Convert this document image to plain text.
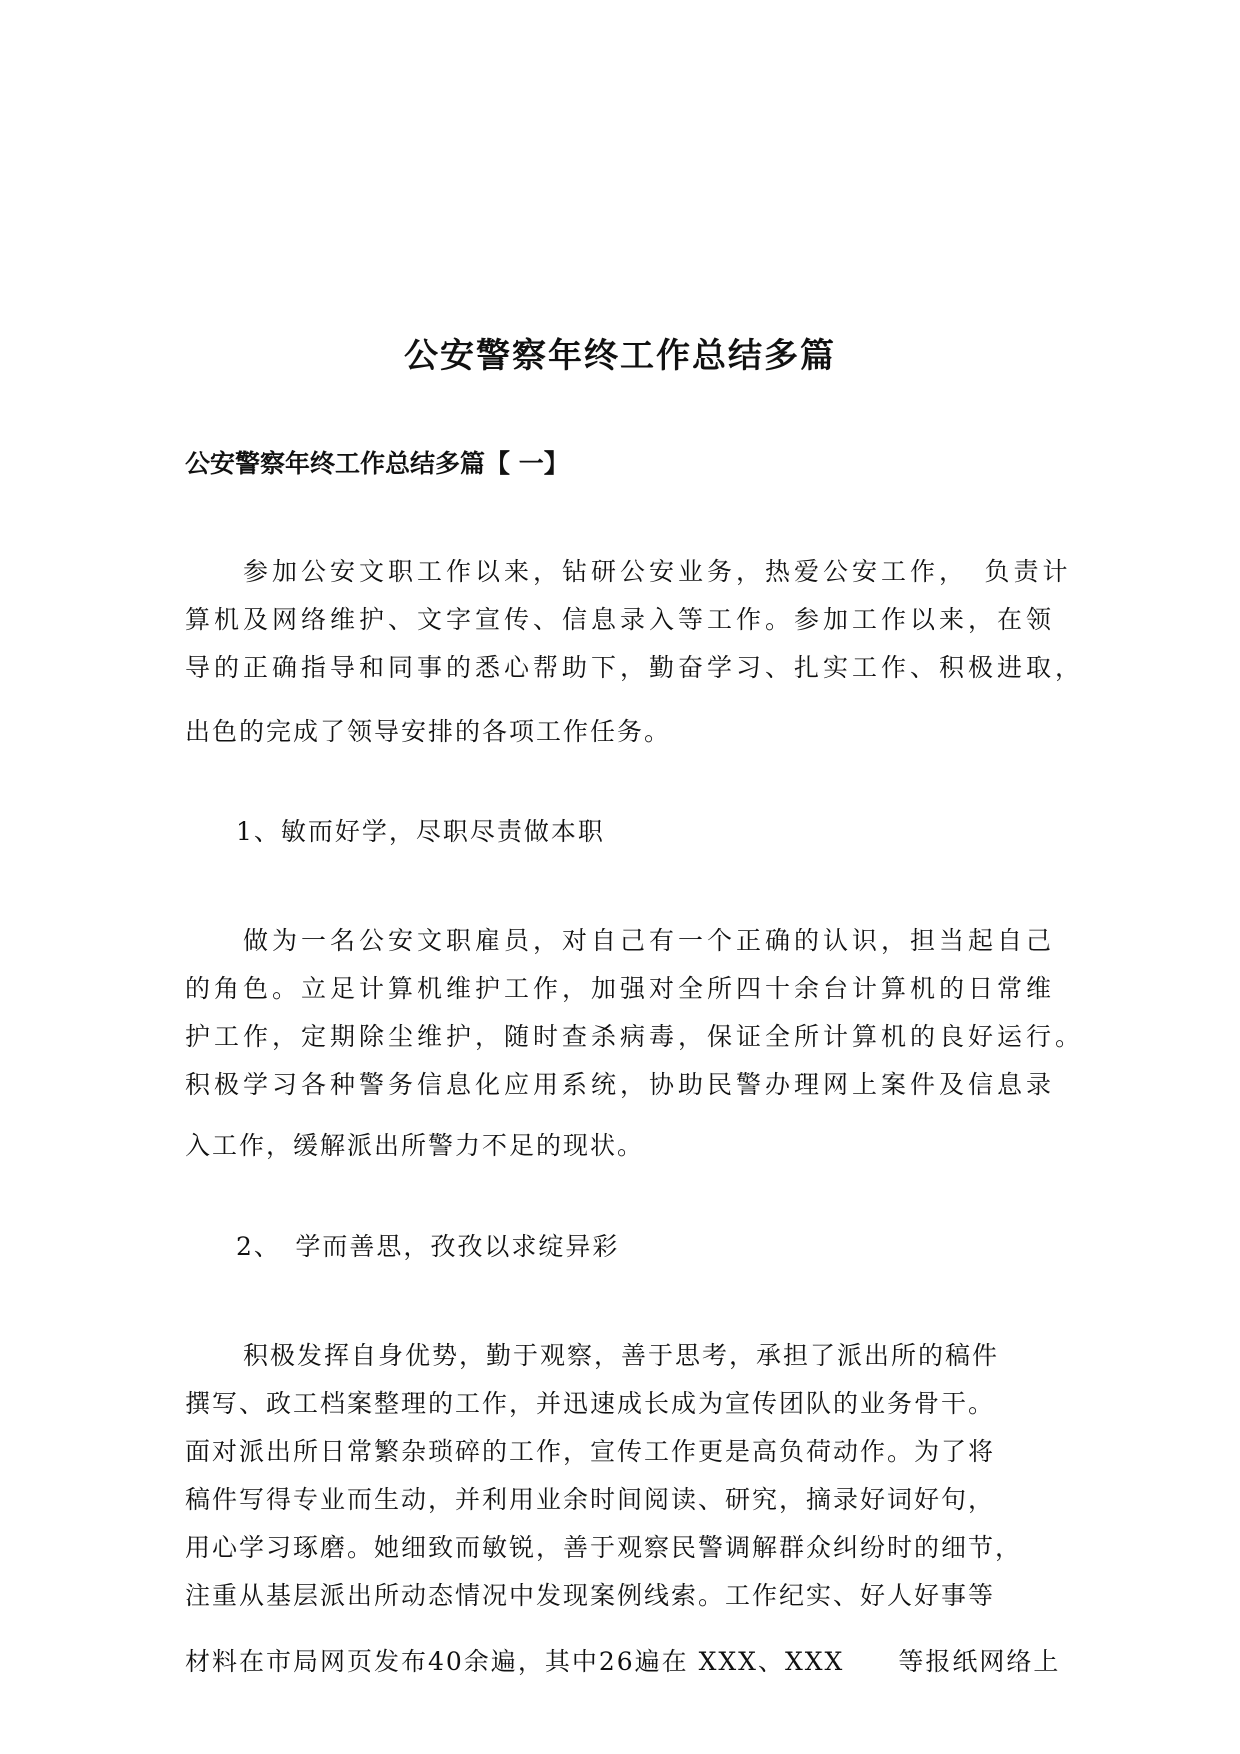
公安警察年终工作总结多篇
公安警察年终工作总结多篇【 一】
参加公安文职工作以来，钻研公安业务，热爱公安工作，　负责计
算机及网络维护、文字宣传、信息录入等工作。参加工作以来，在领
导的正确指导和同事的悉心帮助下，勤奋学习、扎实工作、积极进取，
出色的完成了领导安排的各项工作任务。
1、敏而好学，尽职尽责做本职
做为一名公安文职雇员，对自己有一个正确的认识，担当起自己
的角色。立足计算机维护工作，加强对全所四十余台计算机的日常维
护工作，定期除尘维护，随时查杀病毒，保证全所计算机的良好运行。
积极学习各种警务信息化应用系统，协助民警办理网上案件及信息录
入工作，缓解派出所警力不足的现状。
2、　学而善思，孜孜以求绽异彩
积极发挥自身优势，勤于观察，善于思考，承担了派出所的稿件
撰写、政工档案整理的工作，并迅速成长成为宣传团队的业务骨干。
面对派出所日常繁杂琐碎的工作，宣传工作更是高负荷动作。为了将
稿件写得专业而生动，并利用业余时间阅读、研究，摘录好词好句，
用心学习琢磨。她细致而敏锐，善于观察民警调解群众纠纷时的细节，
注重从基层派出所动态情况中发现案例线索。工作纪实、好人好事等
材料在市局网页发布40余遍，其中26遍在 XXX、XXX　　等报纸网络上
